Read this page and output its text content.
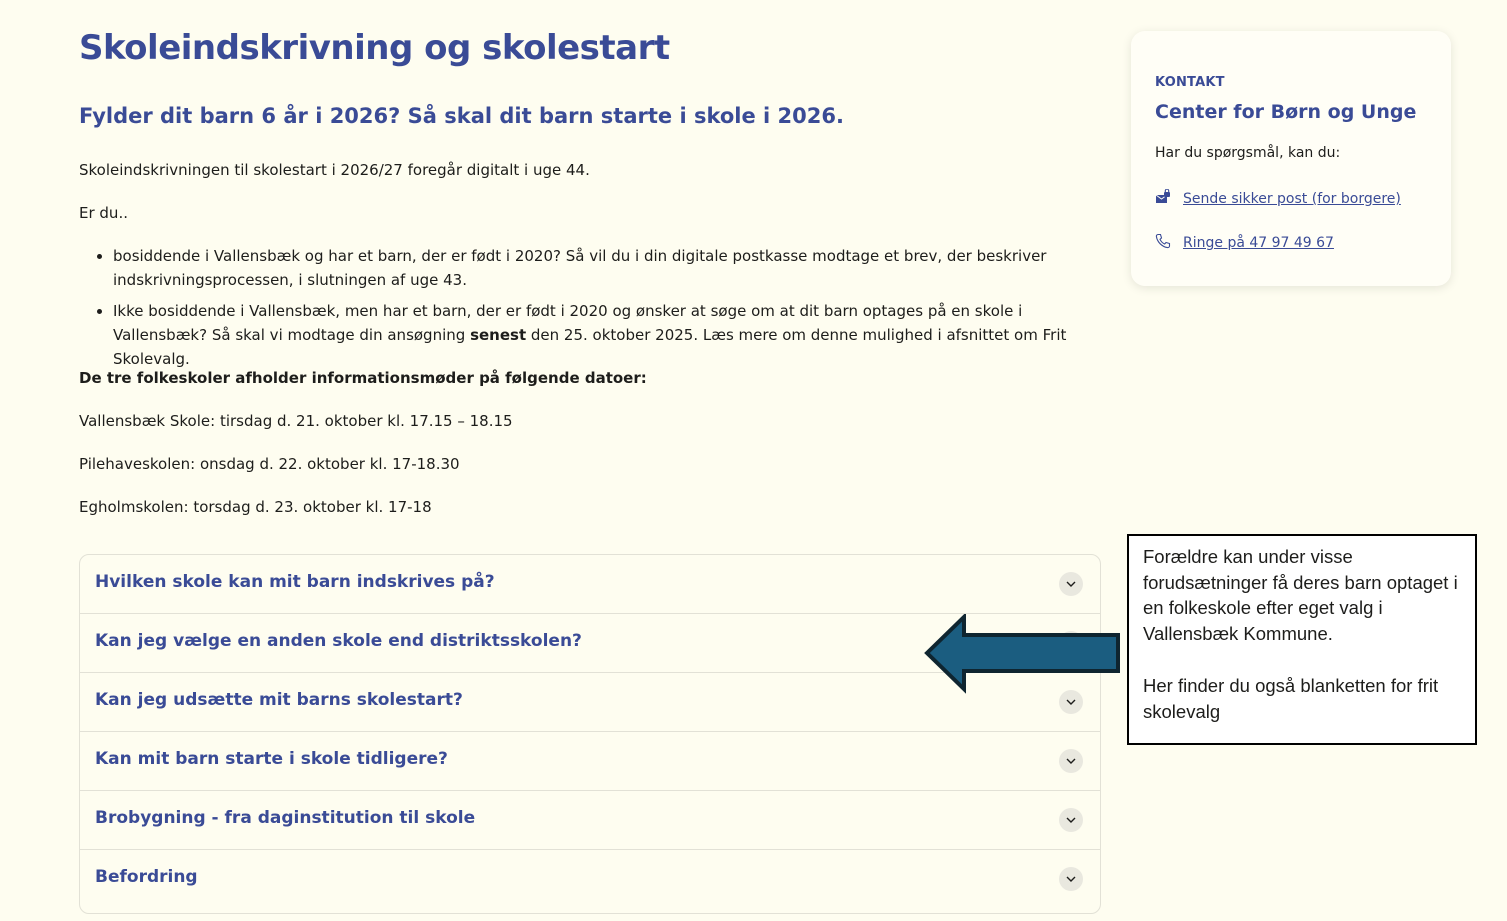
Skoleindskrivning og skolestart
Fylder dit barn 6 år i 2026? Så skal dit barn starte i skole i 2026.

Skoleindskrivningen til skolestart i 2026/27 foregår digitalt i uge 44.

Er du..

bosiddende i Vallensbæk og har et barn, der er født i 2020? Så vil du i din digitale postkasse modtage et brev, der beskriver indskrivningsprocessen, i slutningen af uge 43.
Ikke bosiddende i Vallensbæk, men har et barn, der er født i 2020 og ønsker at søge om at dit barn optages på en skole i Vallensbæk? Så skal vi modtage din ansøgning senest den 25. oktober 2025. Læs mere om denne mulighed i afsnittet om Frit Skolevalg.

De tre folkeskoler afholder informationsmøder på følgende datoer:

Vallensbæk Skole: tirsdag d. 21. oktober kl. 17.15 – 18.15

Pilehaveskolen: onsdag d. 22. oktober kl. 17-18.30

Egholmskolen: torsdag d. 23. oktober kl. 17-18

Hvilken skole kan mit barn indskrives på?
Kan jeg vælge en anden skole end distriktsskolen?
Kan jeg udsætte mit barns skolestart?
Kan mit barn starte i skole tidligere?
Brobygning - fra daginstitution til skole
Befordring
KONTAKT
Center for Børn og Unge
Har du spørgsmål, kan du:
Sende sikker post (for borgere)
Ringe på 47 97 49 67

Forældre kan under visse forudsætninger få deres barn optaget i en folkeskole efter eget valg i Vallensbæk Kommune.

Her finder du også blanketten for frit skolevalg
